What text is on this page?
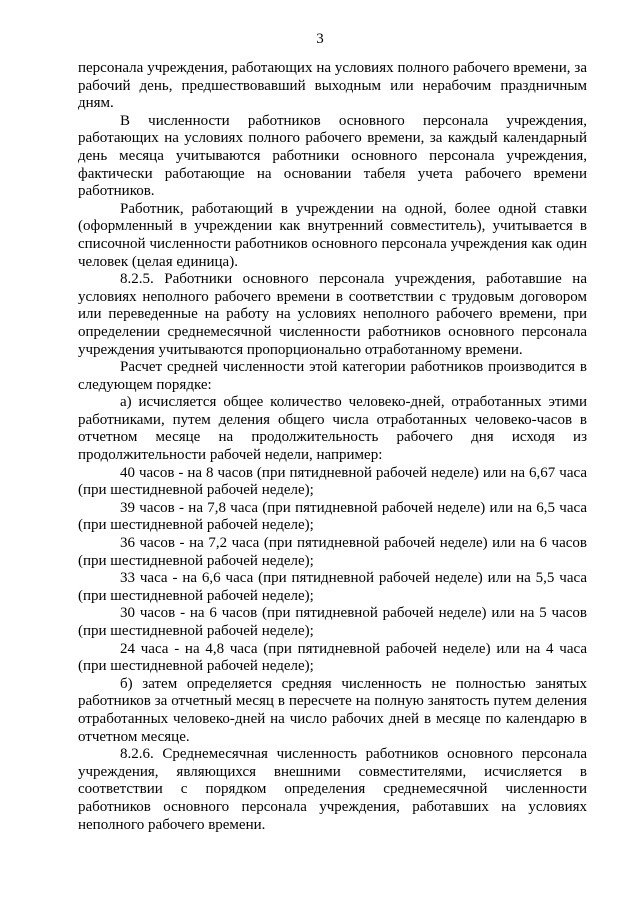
3

персонала учреждения, работающих на условиях полного рабочего времени, за рабочий день, предшествовавший выходным или нерабочим праздничным дням.

В численности работников основного персонала учреждения, работающих на условиях полного рабочего времени, за каждый календарный день месяца учитываются работники основного персонала учреждения, фактически работающие на основании табеля учета рабочего времени работников.

Работник, работающий в учреждении на одной, более одной ставки (оформленный в учреждении как внутренний совместитель), учитывается в списочной численности работников основного персонала учреждения как один человек (целая единица).

8.2.5. Работники основного персонала учреждения, работавшие на условиях неполного рабочего времени в соответствии с трудовым договором или переведенные на работу на условиях неполного рабочего времени, при определении среднемесячной численности работников основного персонала учреждения учитываются пропорционально отработанному времени.

Расчет средней численности этой категории работников производится в следующем порядке:

а) исчисляется общее количество человеко-дней, отработанных этими работниками, путем деления общего числа отработанных человеко-часов в отчетном месяце на продолжительность рабочего дня исходя из продолжительности рабочей недели, например:

40 часов - на 8 часов (при пятидневной рабочей неделе) или на 6,67 часа (при шестидневной рабочей неделе);

39 часов - на 7,8 часа (при пятидневной рабочей неделе) или на 6,5 часа (при шестидневной рабочей неделе);

36 часов - на 7,2 часа (при пятидневной рабочей неделе) или на 6 часов (при шестидневной рабочей неделе);

33 часа - на 6,6 часа (при пятидневной рабочей неделе) или на 5,5 часа (при шестидневной рабочей неделе);

30 часов - на 6 часов (при пятидневной рабочей неделе) или на 5 часов (при шестидневной рабочей неделе);

24 часа - на 4,8 часа (при пятидневной рабочей неделе) или на 4 часа (при шестидневной рабочей неделе);

б) затем определяется средняя численность не полностью занятых работников за отчетный месяц в пересчете на полную занятость путем деления отработанных человеко-дней на число рабочих дней в месяце по календарю в отчетном месяце.

8.2.6. Среднемесячная численность работников основного персонала учреждения, являющихся внешними совместителями, исчисляется в соответствии с порядком определения среднемесячной численности работников основного персонала учреждения, работавших на условиях неполного рабочего времени.
